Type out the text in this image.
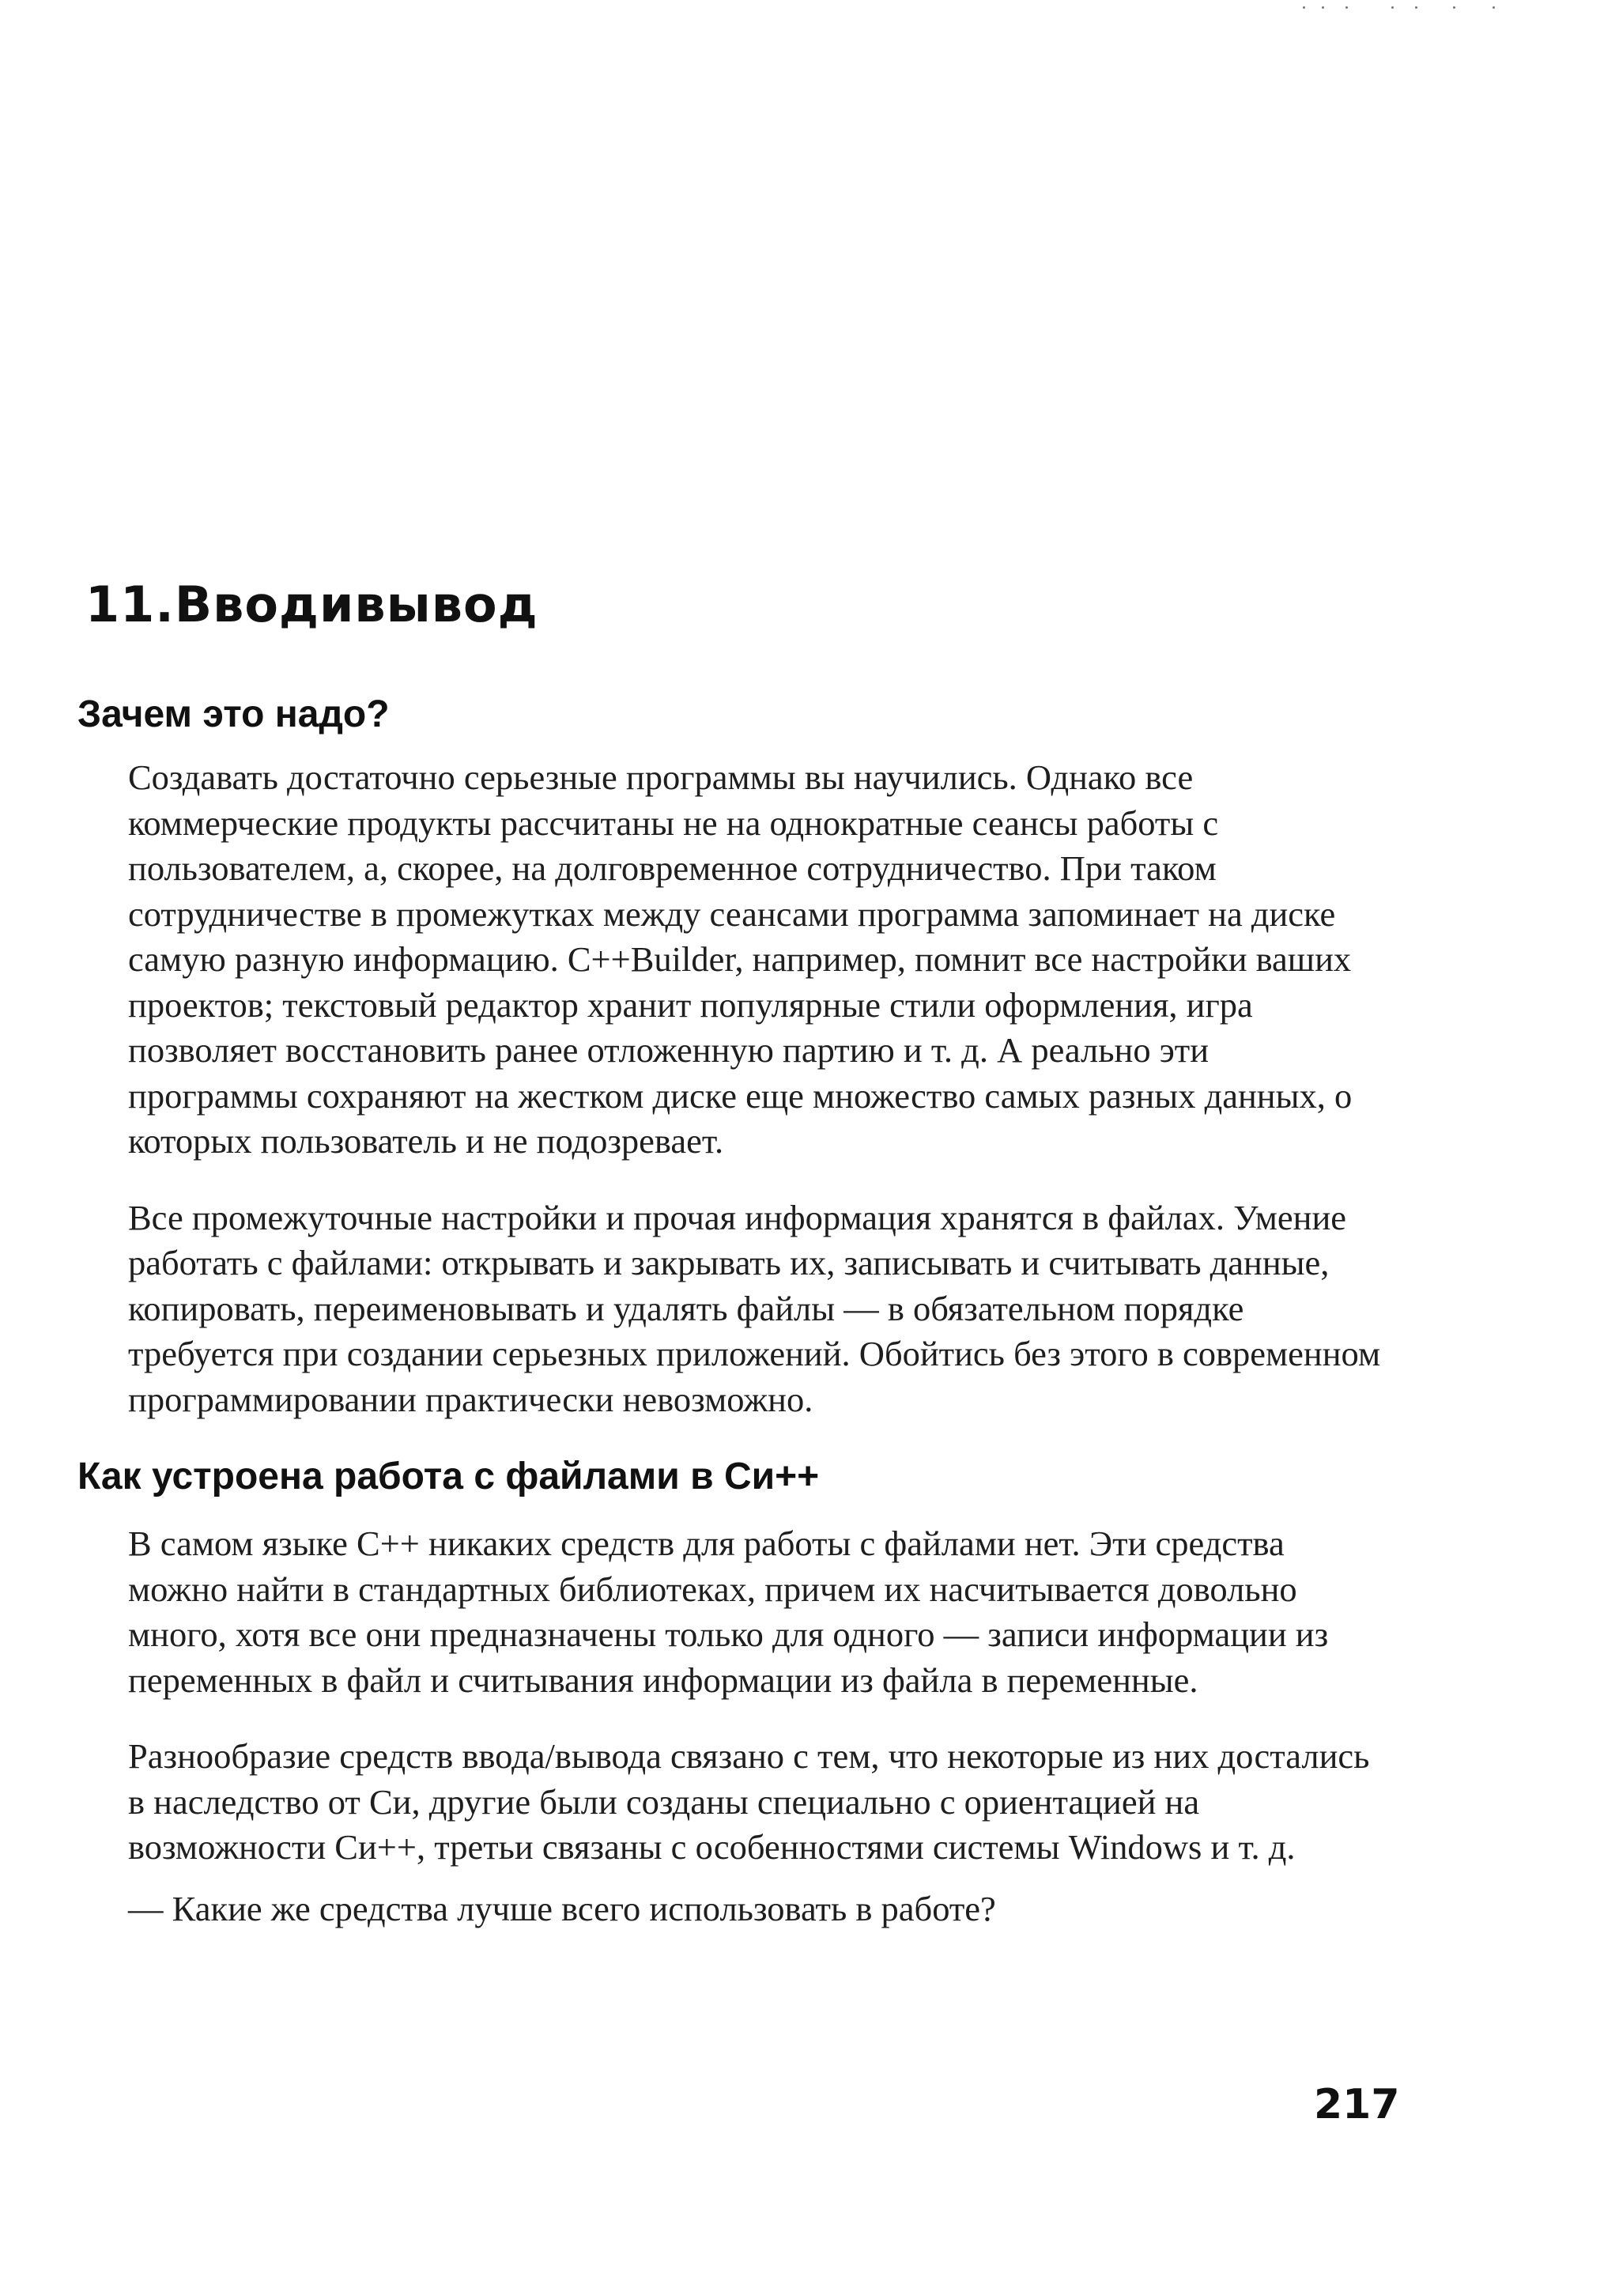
11.Вводивывод
Зачем это надо?

Создавать достаточно серьезные программы вы научились. Однако все коммерческие продукты рассчитаны не на однократные сеансы работы с пользователем, а, скорее, на долговременное сотрудничество. При таком сотрудничестве в промежутках между сеансами программа запоминает на диске самую разную информацию. C++Builder, например, помнит все настройки ваших проектов; текстовый редактор хранит популярные стили оформления, игра позволяет восстановить ранее отложенную партию и т. д. А реально эти программы сохраняют на жестком диске еще множество самых разных данных, о которых пользователь и не подозревает.

Все промежуточные настройки и прочая информация хранятся в файлах. Умение работать с файлами: открывать и закрывать их, записывать и считывать данные, копировать, переименовывать и удалять файлы — в обязательном порядке требуется при создании серьезных приложений. Обойтись без этого в современном программировании практически невозможно.

Как устроена работа с файлами в Си++

В самом языке C++ никаких средств для работы с файлами нет. Эти средства можно найти в стандартных библиотеках, причем их насчитывается довольно много, хотя все они предназначены только для одного — записи информации из переменных в файл и считывания информации из файла в переменные.

Разнообразие средств ввода/вывода связано с тем, что некоторые из них достались в наследство от Си, другие были созданы специально с ориентацией на возможности Си++, третьи связаны с особенностями системы Windows и т. д.

— Какие же средства лучше всего использовать в работе?

217
